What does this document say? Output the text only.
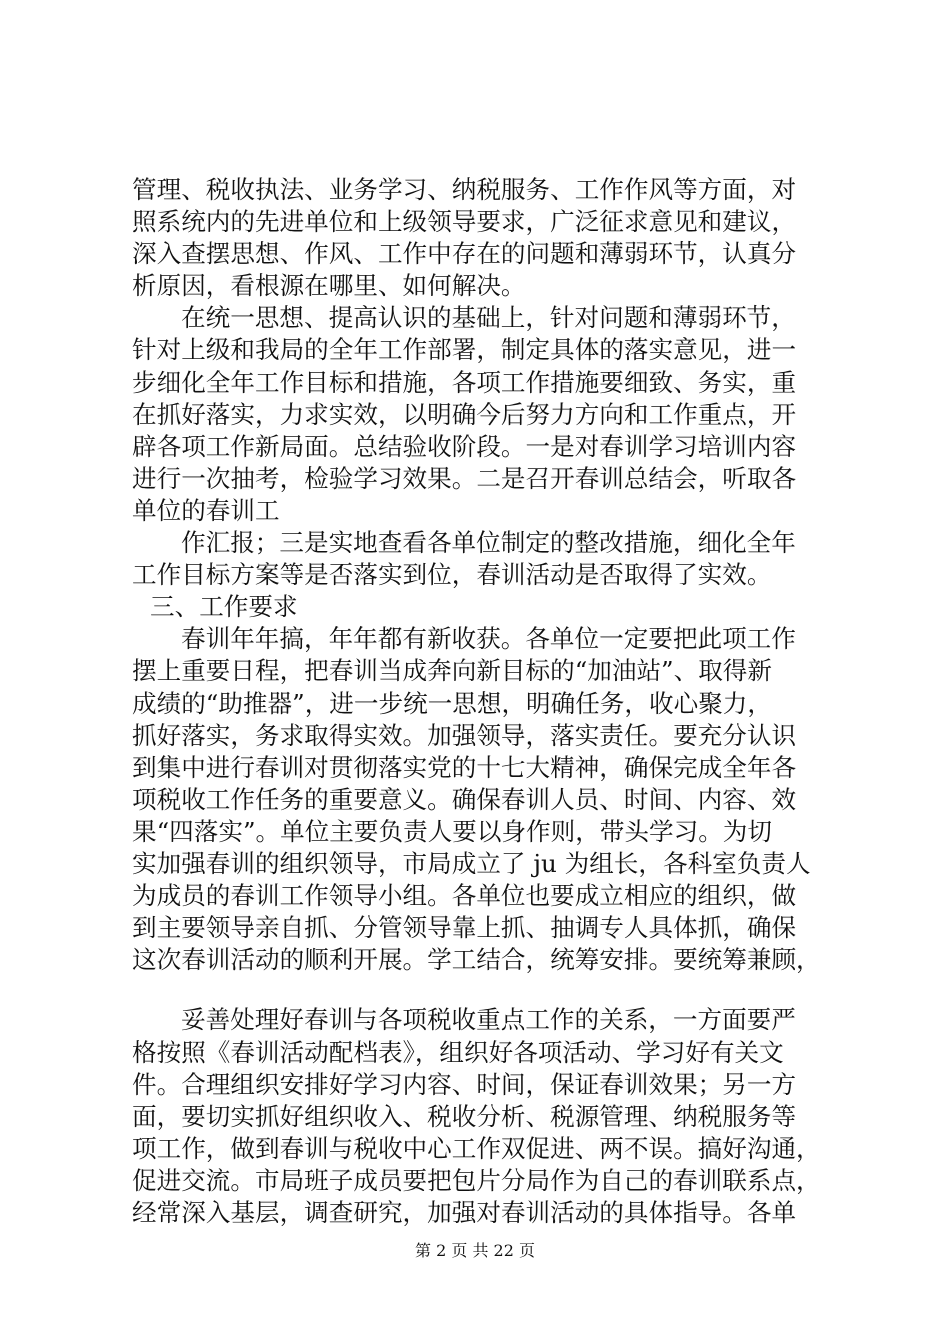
管理、税收执法、业务学习、纳税服务、工作作风等方面，对
照系统内的先进单位和上级领导要求，广泛征求意见和建议，
深入查摆思想、作风、工作中存在的问题和薄弱环节，认真分
析原因，看根源在哪里、如何解决。
在统一思想、提高认识的基础上，针对问题和薄弱环节，
针对上级和我局的全年工作部署，制定具体的落实意见，进一
步细化全年工作目标和措施，各项工作措施要细致、务实，重
在抓好落实，力求实效，以明确今后努力方向和工作重点，开
辟各项工作新局面。总结验收阶段。一是对春训学习培训内容
进行一次抽考，检验学习效果。二是召开春训总结会，听取各
单位的春训工
作汇报；三是实地查看各单位制定的整改措施，细化全年
工作目标方案等是否落实到位，春训活动是否取得了实效。
三、工作要求
春训年年搞，年年都有新收获。各单位一定要把此项工作
摆上重要日程，把春训当成奔向新目标的“加油站”、取得新
成绩的“助推器”，进一步统一思想，明确任务，收心聚力，
抓好落实，务求取得实效。加强领导，落实责任。要充分认识
到集中进行春训对贯彻落实党的十七大精神，确保完成全年各
项税收工作任务的重要意义。确保春训人员、时间、内容、效
果“四落实”。单位主要负责人要以身作则，带头学习。为切
实加强春训的组织领导，市局成立了 ju 为组长，各科室负责人
为成员的春训工作领导小组。各单位也要成立相应的组织，做
到主要领导亲自抓、分管领导靠上抓、抽调专人具体抓，确保
这次春训活动的顺利开展。学工结合，统筹安排。要统筹兼顾，
妥善处理好春训与各项税收重点工作的关系，一方面要严
格按照《春训活动配档表》，组织好各项活动、学习好有关文
件。合理组织安排好学习内容、时间，保证春训效果；另一方
面，要切实抓好组织收入、税收分析、税源管理、纳税服务等
项工作，做到春训与税收中心工作双促进、两不误。搞好沟通，
促进交流。市局班子成员要把包片分局作为自己的春训联系点，
经常深入基层，调查研究，加强对春训活动的具体指导。各单
第 2 页 共 22 页
